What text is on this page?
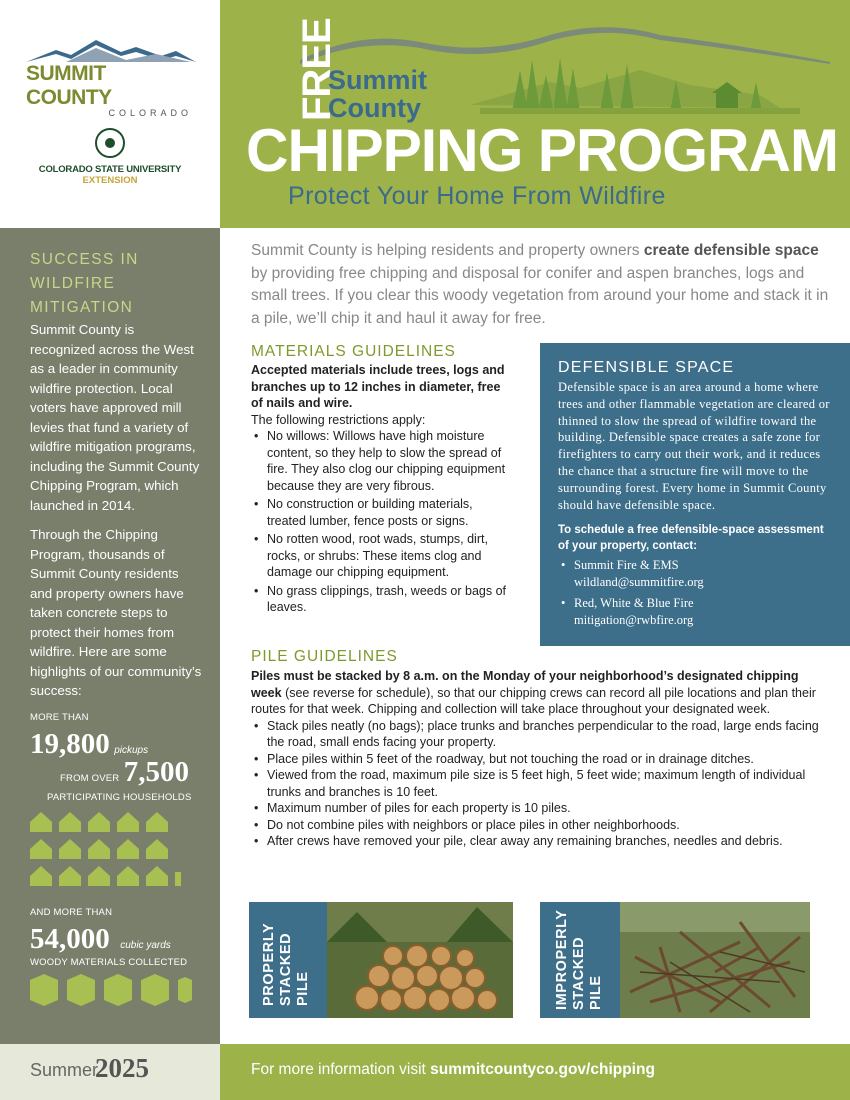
SUMMIT COUNTY
COLORADO
COLORADO STATE UNIVERSITY
EXTENSION
FREE
Summit
County
CHIPPING PROGRAM
Protect Your Home From Wildfire
SUCCESS IN WILDFIRE MITIGATION
Summit County is recognized across the West as a leader in community wildfire protection. Local voters have approved mill levies that fund a variety of wildfire mitigation programs, including the Summit County Chipping Program, which launched in 2014.
Through the Chipping Program, thousands of Summit County residents and property owners have taken concrete steps to protect their homes from wildfire. Here are some highlights of our community’s success:
MORE THAN
19,800 pickups
FROM OVER 7,500
PARTICIPATING HOUSEHOLDS
AND MORE THAN
54,000 cubic yards
WOODY MATERIALS COLLECTED
Summit County is helping residents and property owners create defensible space by providing free chipping and disposal for conifer and aspen branches, logs and small trees. If you clear this woody vegetation from around your home and stack it in a pile, we’ll chip it and haul it away for free.
MATERIALS GUIDELINES
Accepted materials include trees, logs and branches up to 12 inches in diameter, free of nails and wire.
The following restrictions apply:
• No willows: Willows have high moisture content, so they help to slow the spread of fire. They also clog our chipping equipment because they are very fibrous.
• No construction or building materials, treated lumber, fence posts or signs.
• No rotten wood, root wads, stumps, dirt, rocks, or shrubs: These items clog and damage our chipping equipment.
• No grass clippings, trash, weeds or bags of leaves.
DEFENSIBLE SPACE
Defensible space is an area around a home where trees and other flammable vegetation are cleared or thinned to slow the spread of wildfire toward the building. Defensible space creates a safe zone for firefighters to carry out their work, and it reduces the chance that a structure fire will move to the surrounding forest. Every home in Summit County should have defensible space.
To schedule a free defensible-space assessment of your property, contact:
• Summit Fire & EMS
wildland@summitfire.org
• Red, White & Blue Fire
mitigation@rwbfire.org
PILE GUIDELINES
Piles must be stacked by 8 a.m. on the Monday of your neighborhood’s designated chipping week (see reverse for schedule), so that our chipping crews can record all pile locations and plan their routes for that week. Chipping and collection will take place throughout your designated week.
• Stack piles neatly (no bags); place trunks and branches perpendicular to the road, large ends facing the road, small ends facing your property.
• Place piles within 5 feet of the roadway, but not touching the road or in drainage ditches.
• Viewed from the road, maximum pile size is 5 feet high, 5 feet wide; maximum length of individual trunks and branches is 10 feet.
• Maximum number of piles for each property is 10 piles.
• Do not combine piles with neighbors or place piles in other neighborhoods.
• After crews have removed your pile, clear away any remaining branches, needles and debris.
PROPERLY STACKED PILE	IMPROPERLY STACKED PILE
Summer
2025	For more information visit summitcountyco.gov/chipping
